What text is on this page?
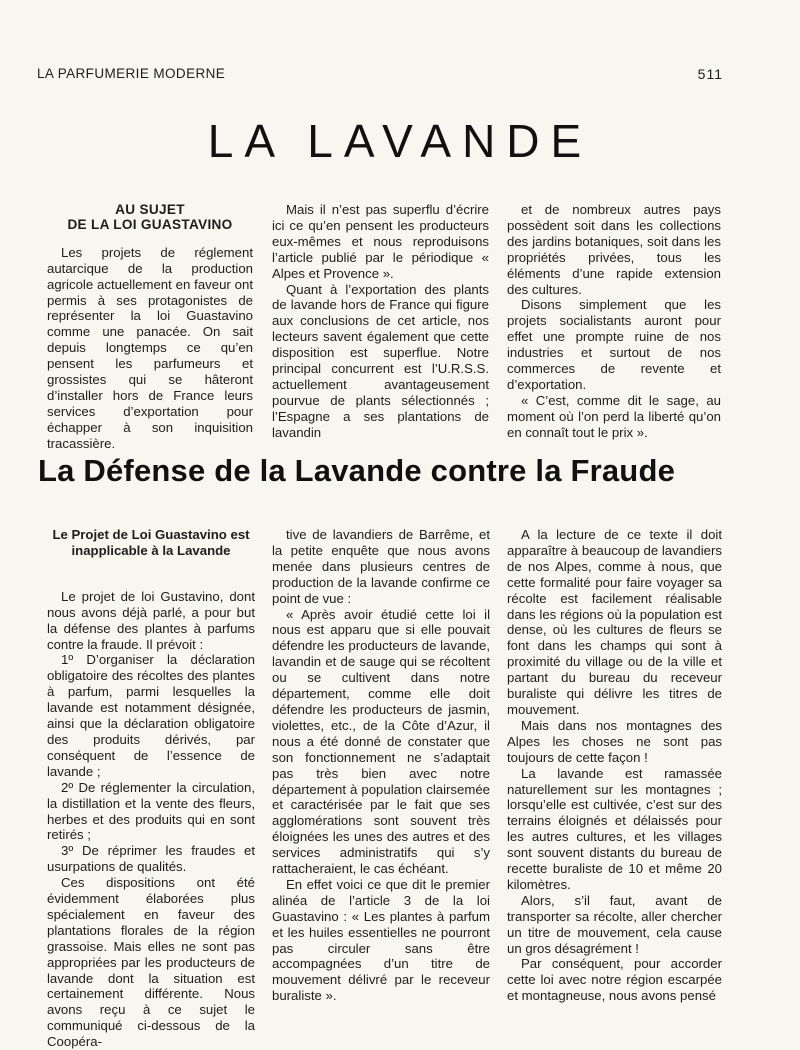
LA PARFUMERIE MODERNE	511
LA LAVANDE
AU SUJET
DE LA LOI GUASTAVINO

Les projets de réglement autarcique de la production agricole actuellement en faveur ont permis à ses protagonistes de représenter la loi Guastavino comme une panacée. On sait depuis longtemps ce qu’en pensent les parfumeurs et grossistes qui se hâteront d’installer hors de France leurs services d’exportation pour échapper à son inquisition tracassière.

Mais il n’est pas superflu d’écrire ici ce qu’en pensent les producteurs eux-mêmes et nous reproduisons l’article publié par le périodique « Alpes et Provence ».

Quant à l’exportation des plants de lavande hors de France qui figure aux conclusions de cet article, nos lecteurs savent également que cette disposition est superflue. Notre principal concurrent est l’U.R.S.S. actuellement avantageusement pourvue de plants sélectionnés ; l’Espagne a ses plantations de lavandin

et de nombreux autres pays possèdent soit dans les collections des jardins botaniques, soit dans les propriétés privées, tous les éléments d’une rapide extension des cultures.

Disons simplement que les projets socialistants auront pour effet une prompte ruine de nos industries et surtout de nos commerces de revente et d’exportation.

« C’est, comme dit le sage, au moment où l’on perd la liberté qu’on en connaît tout le prix ».

La Défense de la Lavande contre la Fraude
Le Projet de Loi Guastavino est inapplicable à la Lavande

Le projet de loi Gustavino, dont nous avons déjà parlé, a pour but la défense des plantes à parfums contre la fraude. Il prévoit :

1º D’organiser la déclaration obligatoire des récoltes des plantes à parfum, parmi lesquelles la lavande est notamment désignée, ainsi que la déclaration obligatoire des produits dérivés, par conséquent de l’essence de lavande ;

2º De réglementer la circulation, la distillation et la vente des fleurs, herbes et des produits qui en sont retirés ;

3º De réprimer les fraudes et usurpations de qualités.

Ces dispositions ont été évidemment élaborées plus spécialement en faveur des plantations florales de la région grassoise. Mais elles ne sont pas appropriées par les producteurs de lavande dont la situation est certainement différente. Nous avons reçu à ce sujet le communiqué ci-dessous de la Coopéra-

tive de lavandiers de Barrême, et la petite enquête que nous avons menée dans plusieurs centres de production de la lavande confirme ce point de vue :

« Après avoir étudié cette loi il nous est apparu que si elle pouvait défendre les producteurs de lavande, lavandin et de sauge qui se récoltent ou se cultivent dans notre département, comme elle doit défendre les producteurs de jasmin, violettes, etc., de la Côte d’Azur, il nous a été donné de constater que son fonctionnement ne s’adaptait pas très bien avec notre département à population clairsemée et caractérisée par le fait que ses agglomérations sont souvent très éloignées les unes des autres et des services administratifs qui s’y rattacheraient, le cas échéant.

En effet voici ce que dit le premier alinéa de l’article 3 de la loi Guastavino : « Les plantes à parfum et les huiles essentielles ne pourront pas circuler sans être accompagnées d’un titre de mouvement délivré par le receveur buraliste ».

A la lecture de ce texte il doit apparaître à beaucoup de lavandiers de nos Alpes, comme à nous, que cette formalité pour faire voyager sa récolte est facilement réalisable dans les régions où la population est dense, où les cultures de fleurs se font dans les champs qui sont à proximité du village ou de la ville et partant du bureau du receveur buraliste qui délivre les titres de mouvement.

Mais dans nos montagnes des Alpes les choses ne sont pas toujours de cette façon !

La lavande est ramassée naturellement sur les montagnes ; lorsqu’elle est cultivée, c’est sur des terrains éloignés et délaissés pour les autres cultures, et les villages sont souvent distants du bureau de recette buraliste de 10 et même 20 kilomètres.

Alors, s’il faut, avant de transporter sa récolte, aller chercher un titre de mouvement, cela cause un gros désagrément !

Par conséquent, pour accorder cette loi avec notre région escarpée et montagneuse, nous avons pensé
